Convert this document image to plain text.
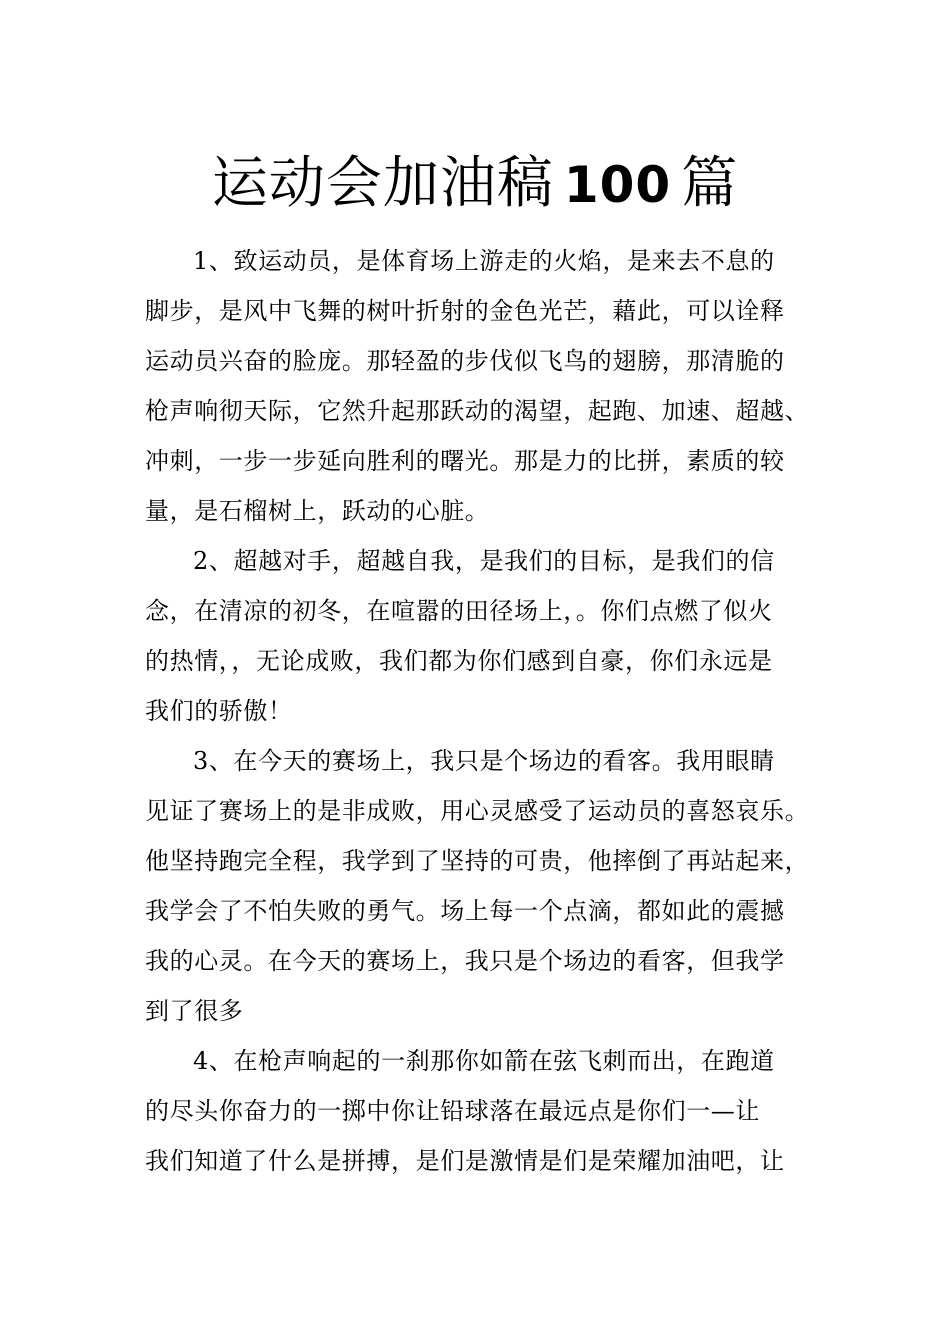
运动会加油稿 100 篇
1、致运动员，是体育场上游走的火焰，是来去不息的
脚步，是风中飞舞的树叶折射的金色光芒，藉此，可以诠释
运动员兴奋的脸庞。那轻盈的步伐似飞鸟的翅膀，那清脆的
枪声响彻天际，它然升起那跃动的渴望，起跑、加速、超越、
冲刺，一步一步延向胜利的曙光。那是力的比拼，素质的较
量，是石榴树上，跃动的心脏。
2、超越对手，超越自我，是我们的目标，是我们的信
念，在清凉的初冬，在喧嚣的田径场上，。你们点燃了似火
的热情，，无论成败，我们都为你们感到自豪，你们永远是
我们的骄傲！
3、在今天的赛场上，我只是个场边的看客。我用眼睛
见证了赛场上的是非成败，用心灵感受了运动员的喜怒哀乐。
他坚持跑完全程，我学到了坚持的可贵，他摔倒了再站起来，
我学会了不怕失败的勇气。场上每一个点滴，都如此的震撼
我的心灵。在今天的赛场上，我只是个场边的看客，但我学
到了很多
4、在枪声响起的一刹那你如箭在弦飞刺而出，在跑道
的尽头你奋力的一掷中你让铅球落在最远点是你们一—让
我们知道了什么是拼搏，是们是激情是们是荣耀加油吧，让
